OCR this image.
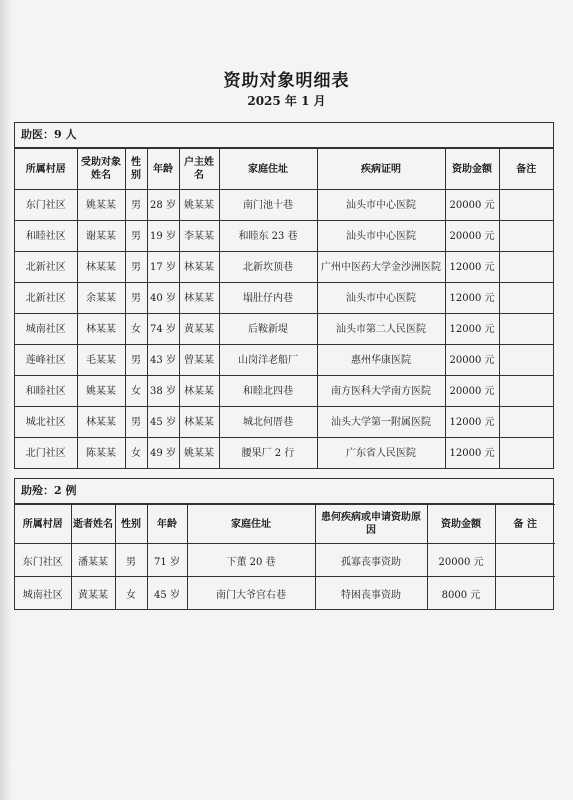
资助对象明细表
2025 年 1 月
助医：9 人
所属村居	受助对象姓名	性别	年龄	户主姓名	家庭住址	疾病证明	资助金额	备注
东门社区	姚某某	男	28 岁	姚某某	南门池十巷	汕头市中心医院	20000 元	
和睦社区	谢某某	男	19 岁	李某某	和睦东 23 巷	汕头市中心医院	20000 元	
北新社区	林某某	男	17 岁	林某某	北新坎顶巷	广州中医药大学金沙洲医院	12000 元	
北新社区	余某某	男	40 岁	林某某	塌肚仔内巷	汕头市中心医院	12000 元	
城南社区	林某某	女	74 岁	黄某某	后鞍新堤	汕头市第二人民医院	12000 元	
莲峰社区	毛某某	男	43 岁	曾某某	山岗洋老船厂	惠州华康医院	20000 元	
和睦社区	姚某某	女	38 岁	林某某	和睦北四巷	南方医科大学南方医院	20000 元	
城北社区	林某某	男	45 岁	林某某	城北何厝巷	汕头大学第一附属医院	12000 元	
北门社区	陈某某	女	49 岁	姚某某	腰果厂 2 行	广东省人民医院	12000 元	
助殓：2 例
所属村居	逝者姓名	性别	年龄	家庭住址	患何疾病或申请资助原因	资助金额	备 注
东门社区	潘某某	男	71 岁	下董 20 巷	孤寡丧事资助	20000 元	
城南社区	黄某某	女	45 岁	南门大爷宫右巷	特困丧事资助	8000 元	
